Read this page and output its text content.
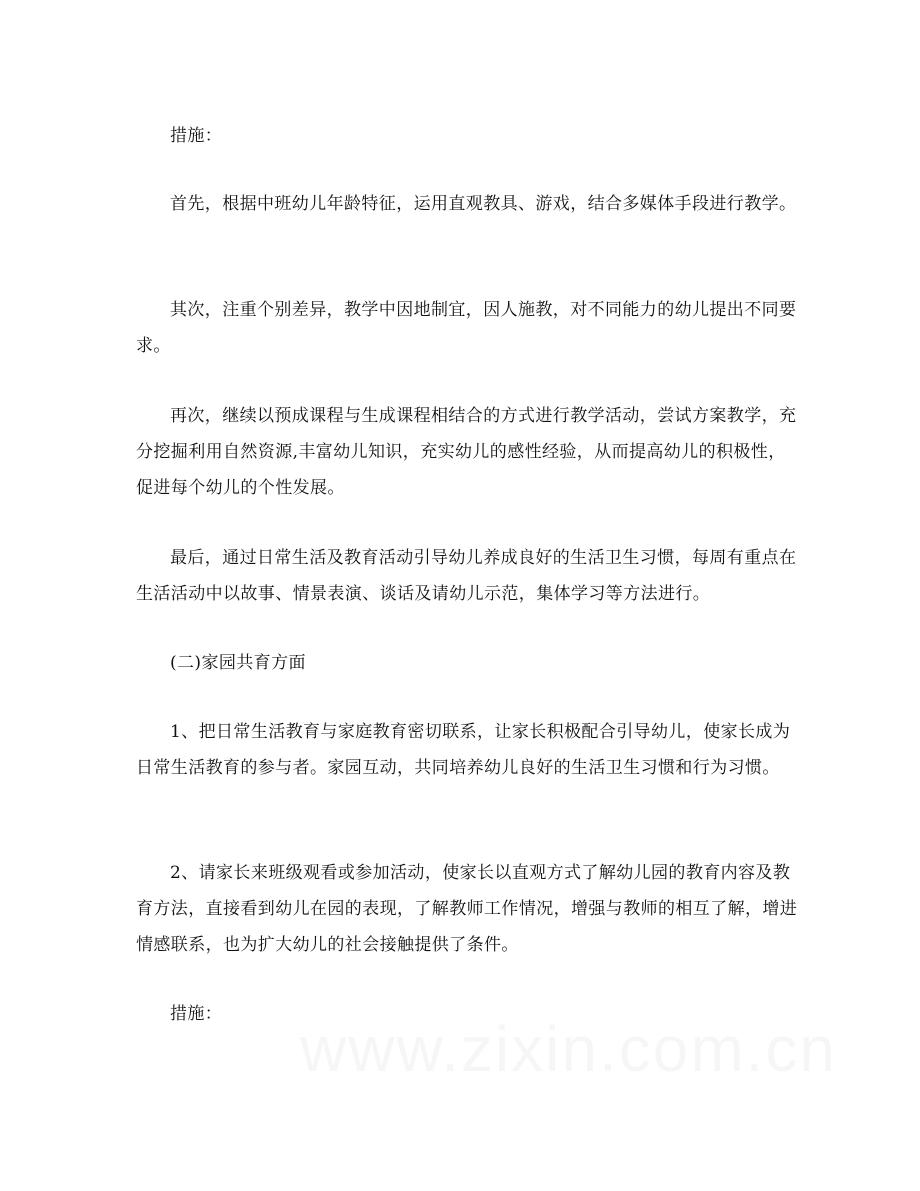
措施：

首先，根据中班幼儿年龄特征，运用直观教具、游戏，结合多媒体手段进行教学。

其次，注重个别差异，教学中因地制宜，因人施教，对不同能力的幼儿提出不同要求。

再次，继续以预成课程与生成课程相结合的方式进行教学活动，尝试方案教学，充分挖掘利用自然资源,丰富幼儿知识，充实幼儿的感性经验，从而提高幼儿的积极性，促进每个幼儿的个性发展。

最后，通过日常生活及教育活动引导幼儿养成良好的生活卫生习惯，每周有重点在生活活动中以故事、情景表演、谈话及请幼儿示范，集体学习等方法进行。

(二)家园共育方面

1、把日常生活教育与家庭教育密切联系，让家长积极配合引导幼儿，使家长成为日常生活教育的参与者。家园互动，共同培养幼儿良好的生活卫生习惯和行为习惯。

2、请家长来班级观看或参加活动，使家长以直观方式了解幼儿园的教育内容及教育方法，直接看到幼儿在园的表现，了解教师工作情况，增强与教师的相互了解，增进情感联系，也为扩大幼儿的社会接触提供了条件。

措施：
